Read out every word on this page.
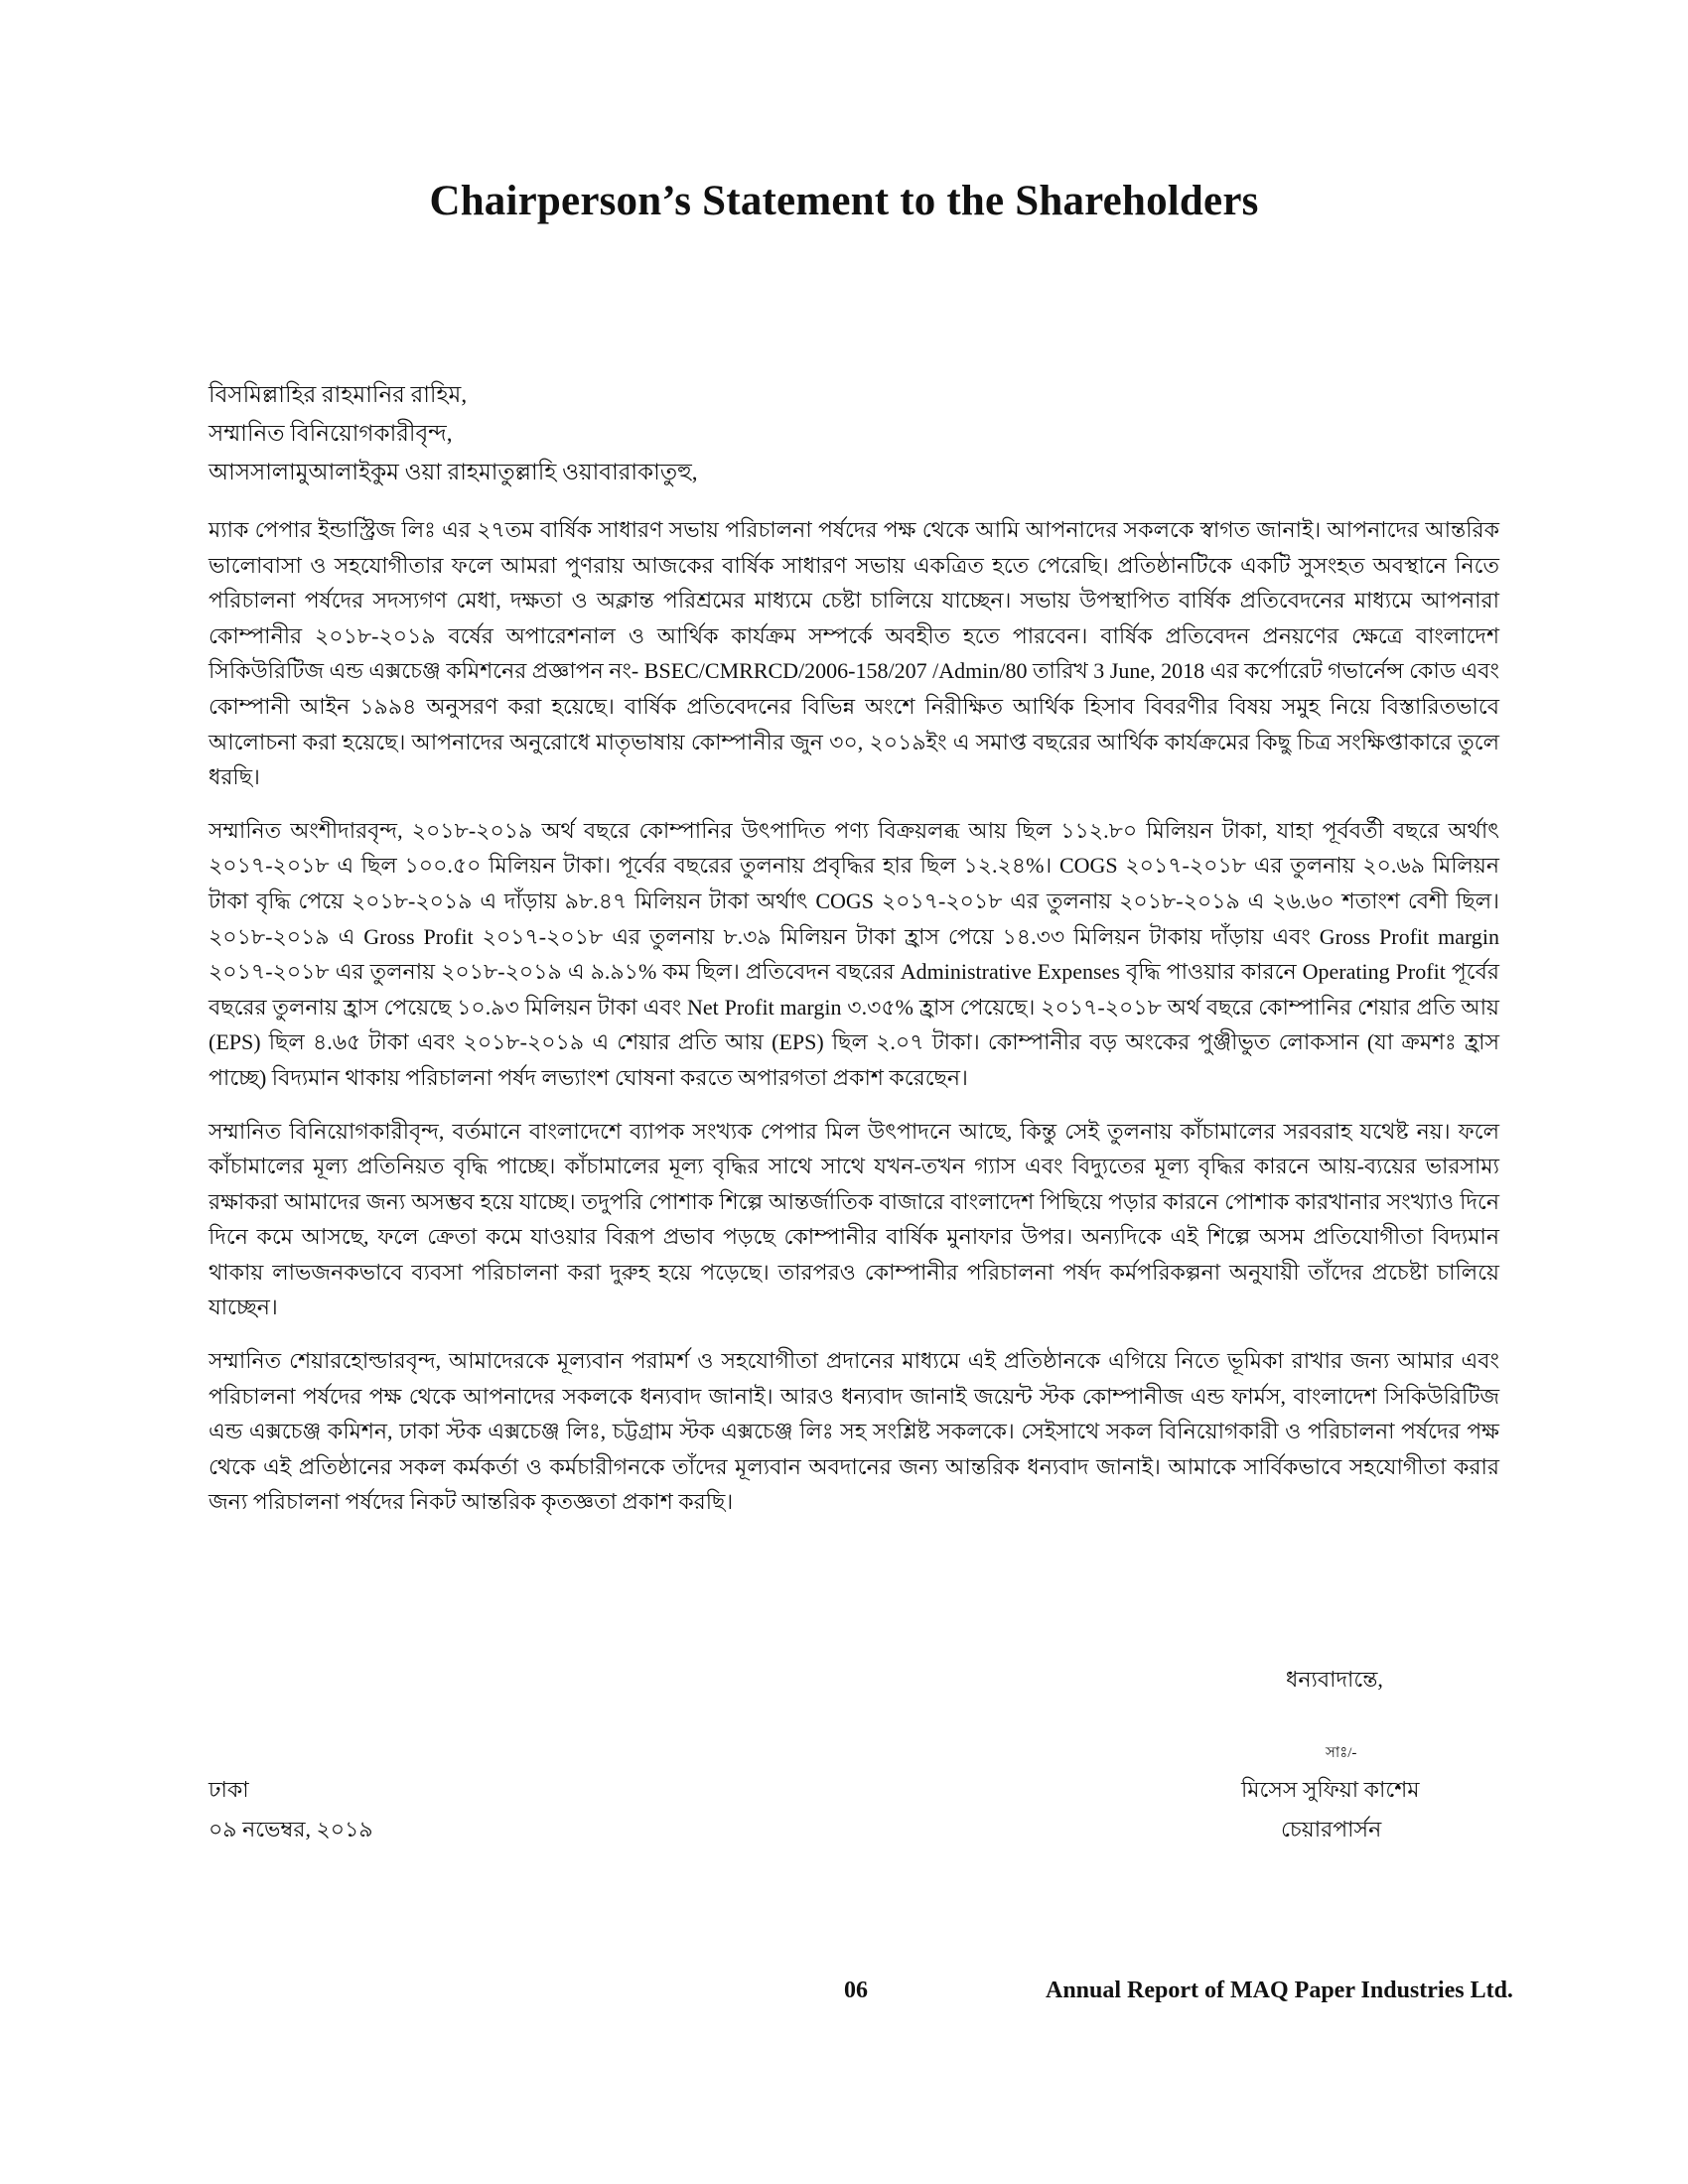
Chairperson’s Statement to the Shareholders
বিসমিল্লাহির রাহমানির রাহিম,
সম্মানিত বিনিয়োগকারীবৃন্দ,
আসসালামুআলাইকুম ওয়া রাহমাতুল্লাহি ওয়াবারাকাতুহু,

ম্যাক পেপার ইন্ডাস্ট্রিজ লিঃ এর ২৭তম বার্ষিক সাধারণ সভায় পরিচালনা পর্ষদের পক্ষ থেকে আমি আপনাদের সকলকে স্বাগত জানাই। আপনাদের আন্তরিক ভালোবাসা ও সহযোগীতার ফলে আমরা পুণরায় আজকের বার্ষিক সাধারণ সভায় একত্রিত হতে পেরেছি। প্রতিষ্ঠানটিকে একটি সুসংহত অবস্থানে নিতে পরিচালনা পর্ষদের সদস্যগণ মেধা, দক্ষতা ও অক্লান্ত পরিশ্রমের মাধ্যমে চেষ্টা চালিয়ে যাচ্ছেন। সভায় উপস্থাপিত বার্ষিক প্রতিবেদনের মাধ্যমে আপনারা কোম্পানীর ২০১৮-২০১৯ বর্ষের অপারেশনাল ও আর্থিক কার্যক্রম সম্পর্কে অবহীত হতে পারবেন। বার্ষিক প্রতিবেদন প্রনয়ণের ক্ষেত্রে বাংলাদেশ সিকিউরিটিজ এন্ড এক্সচেঞ্জ কমিশনের প্রজ্ঞাপন নং- BSEC/CMRRCD/2006-158/207 /Admin/80 তারিখ 3 June, 2018 এর কর্পোরেট গভার্নেন্স কোড এবং কোম্পানী আইন ১৯৯৪ অনুসরণ করা হয়েছে। বার্ষিক প্রতিবেদনের বিভিন্ন অংশে নিরীক্ষিত আর্থিক হিসাব বিবরণীর বিষয় সমুহ নিয়ে বিস্তারিতভাবে আলোচনা করা হয়েছে। আপনাদের অনুরোধে মাতৃভাষায় কোম্পানীর জুন ৩০, ২০১৯ইং এ সমাপ্ত বছরের আর্থিক কার্যক্রমের কিছু চিত্র সংক্ষিপ্তাকারে তুলে ধরছি।

সম্মানিত অংশীদারবৃন্দ, ২০১৮-২০১৯ অর্থ বছরে কোম্পানির উৎপাদিত পণ্য বিক্রয়লব্ধ আয় ছিল ১১২.৮০ মিলিয়ন টাকা, যাহা পূর্ববর্তী বছরে অর্থাৎ ২০১৭-২০১৮ এ ছিল ১০০.৫০ মিলিয়ন টাকা। পূর্বের বছরের তুলনায় প্রবৃদ্ধির হার ছিল ১২.২৪%। COGS ২০১৭-২০১৮ এর তুলনায় ২০.৬৯ মিলিয়ন টাকা বৃদ্ধি পেয়ে ২০১৮-২০১৯ এ দাঁড়ায় ৯৮.৪৭ মিলিয়ন টাকা অর্থাৎ COGS ২০১৭-২০১৮ এর তুলনায় ২০১৮-২০১৯ এ ২৬.৬০ শতাংশ বেশী ছিল। ২০১৮-২০১৯ এ Gross Profit ২০১৭-২০১৮ এর তুলনায় ৮.৩৯ মিলিয়ন টাকা হ্রাস পেয়ে ১৪.৩৩ মিলিয়ন টাকায় দাঁড়ায় এবং Gross Profit margin ২০১৭-২০১৮ এর তুলনায় ২০১৮-২০১৯ এ ৯.৯১% কম ছিল। প্রতিবেদন বছরের Administrative Expenses বৃদ্ধি পাওয়ার কারনে Operating Profit পূর্বের বছরের তুলনায় হ্রাস পেয়েছে ১০.৯৩ মিলিয়ন টাকা এবং Net Profit margin ৩.৩৫% হ্রাস পেয়েছে। ২০১৭-২০১৮ অর্থ বছরে কোম্পানির শেয়ার প্রতি আয় (EPS) ছিল ৪.৬৫ টাকা এবং ২০১৮-২০১৯ এ শেয়ার প্রতি আয় (EPS) ছিল ২.০৭ টাকা। কোম্পানীর বড় অংকের পুঞ্জীভুত লোকসান (যা ক্রমশঃ হ্রাস পাচ্ছে) বিদ্যমান থাকায় পরিচালনা পর্ষদ লভ্যাংশ ঘোষনা করতে অপারগতা প্রকাশ করেছেন।

সম্মানিত বিনিয়োগকারীবৃন্দ, বর্তমানে বাংলাদেশে ব্যাপক সংখ্যক পেপার মিল উৎপাদনে আছে, কিন্তু সেই তুলনায় কাঁচামালের সরবরাহ যথেষ্ট নয়। ফলে কাঁচামালের মূল্য প্রতিনিয়ত বৃদ্ধি পাচ্ছে। কাঁচামালের মূল্য বৃদ্ধির সাথে সাথে যখন-তখন গ্যাস এবং বিদ্যুতের মূল্য বৃদ্ধির কারনে আয়-ব্যয়ের ভারসাম্য রক্ষাকরা আমাদের জন্য অসম্ভব হয়ে যাচ্ছে। তদুপরি পোশাক শিল্পে আন্তর্জাতিক বাজারে বাংলাদেশ পিছিয়ে পড়ার কারনে পোশাক কারখানার সংখ্যাও দিনে দিনে কমে আসছে, ফলে ক্রেতা কমে যাওয়ার বিরূপ প্রভাব পড়ছে কোম্পানীর বার্ষিক মুনাফার উপর। অন্যদিকে এই শিল্পে অসম প্রতিযোগীতা বিদ্যমান থাকায় লাভজনকভাবে ব্যবসা পরিচালনা করা দুরুহ হয়ে পড়েছে। তারপরও কোম্পানীর পরিচালনা পর্ষদ কর্মপরিকল্পনা অনুযায়ী তাঁদের প্রচেষ্টা চালিয়ে যাচ্ছেন।

সম্মানিত শেয়ারহোল্ডারবৃন্দ, আমাদেরকে মূল্যবান পরামর্শ ও সহযোগীতা প্রদানের মাধ্যমে এই প্রতিষ্ঠানকে এগিয়ে নিতে ভূমিকা রাখার জন্য আমার এবং পরিচালনা পর্ষদের পক্ষ থেকে আপনাদের সকলকে ধন্যবাদ জানাই। আরও ধন্যবাদ জানাই জয়েন্ট স্টক কোম্পানীজ এন্ড ফার্মস, বাংলাদেশ সিকিউরিটিজ এন্ড এক্সচেঞ্জ কমিশন, ঢাকা স্টক এক্সচেঞ্জ লিঃ, চট্টগ্রাম স্টক এক্সচেঞ্জ লিঃ সহ সংশ্লিষ্ট সকলকে। সেইসাথে সকল বিনিয়োগকারী ও পরিচালনা পর্ষদের পক্ষ থেকে এই প্রতিষ্ঠানের সকল কর্মকর্তা ও কর্মচারীগনকে তাঁদের মূল্যবান অবদানের জন্য আন্তরিক ধন্যবাদ জানাই। আমাকে সার্বিকভাবে সহযোগীতা করার জন্য পরিচালনা পর্ষদের নিকট আন্তরিক কৃতজ্ঞতা প্রকাশ করছি।

ধন্যবাদান্তে,
সাঃ/-
মিসেস সুফিয়া কাশেম
চেয়ারপার্সন
ঢাকা
০৯ নভেম্বর, ২০১৯
06	Annual Report of MAQ Paper Industries Ltd.
